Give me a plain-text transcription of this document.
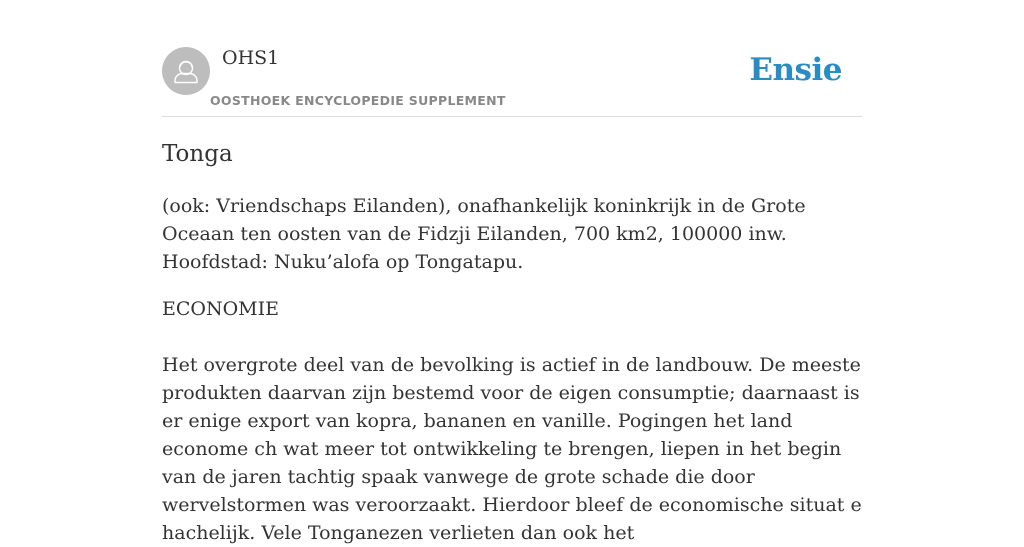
OHS1
OOSTHOEK ENCYCLOPEDIE SUPPLEMENT
Ensie
Tonga

(ook: Vriendschaps Eilanden), onafhankelijk koninkrijk in de Grote Oceaan ten oosten van de Fidzji Eilanden, 700 km2, 100000 inw. Hoofdstad: Nuku’alofa op Tongatapu.

ECONOMIE

Het overgrote deel van de bevolking is actief in de landbouw. De meeste produkten daarvan zijn bestemd voor de eigen consumptie; daarnaast is er enige export van kopra, bananen en vanille. Pogingen het land econome ch wat meer tot ontwikkeling te brengen, liepen in het begin van de jaren tachtig spaak vanwege de grote schade die door wervelstormen was veroorzaakt. Hierdoor bleef de economische situat e hachelijk. Vele Tonganezen verlieten dan ook het
